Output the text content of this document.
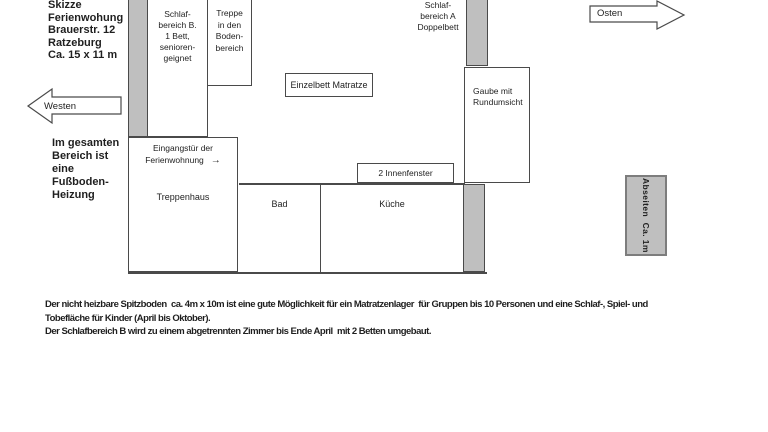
Skizze
Ferienwohung
Brauerstr. 12
Ratzeburg
Ca. 15 x 11 m
Westen
Osten
Schlaf-
bereich B.
1 Bett,
senioren-
geignet
Treppe
in den
Boden-
bereich
Eingangstür der
Ferienwohnung →
Treppenhaus
Einzelbett Matratze
Schlaf-
bereich A
Doppelbett
Gaube mit
Rundumsicht
2 Innenfenster
Bad	Küche
Im gesamten
Bereich ist
eine
Fußboden-
Heizung	Abseiten  Ca. 1m
Der nicht heizbare Spitzboden  ca. 4m x 10m ist eine gute Möglichkeit für ein Matratzenlager  für Gruppen bis 10 Personen und eine Schlaf-, Spiel- und
Tobefläche für Kinder (April bis Oktober).
Der Schlafbereich B wird zu einem abgetrennten Zimmer bis Ende April  mit 2 Betten umgebaut.
